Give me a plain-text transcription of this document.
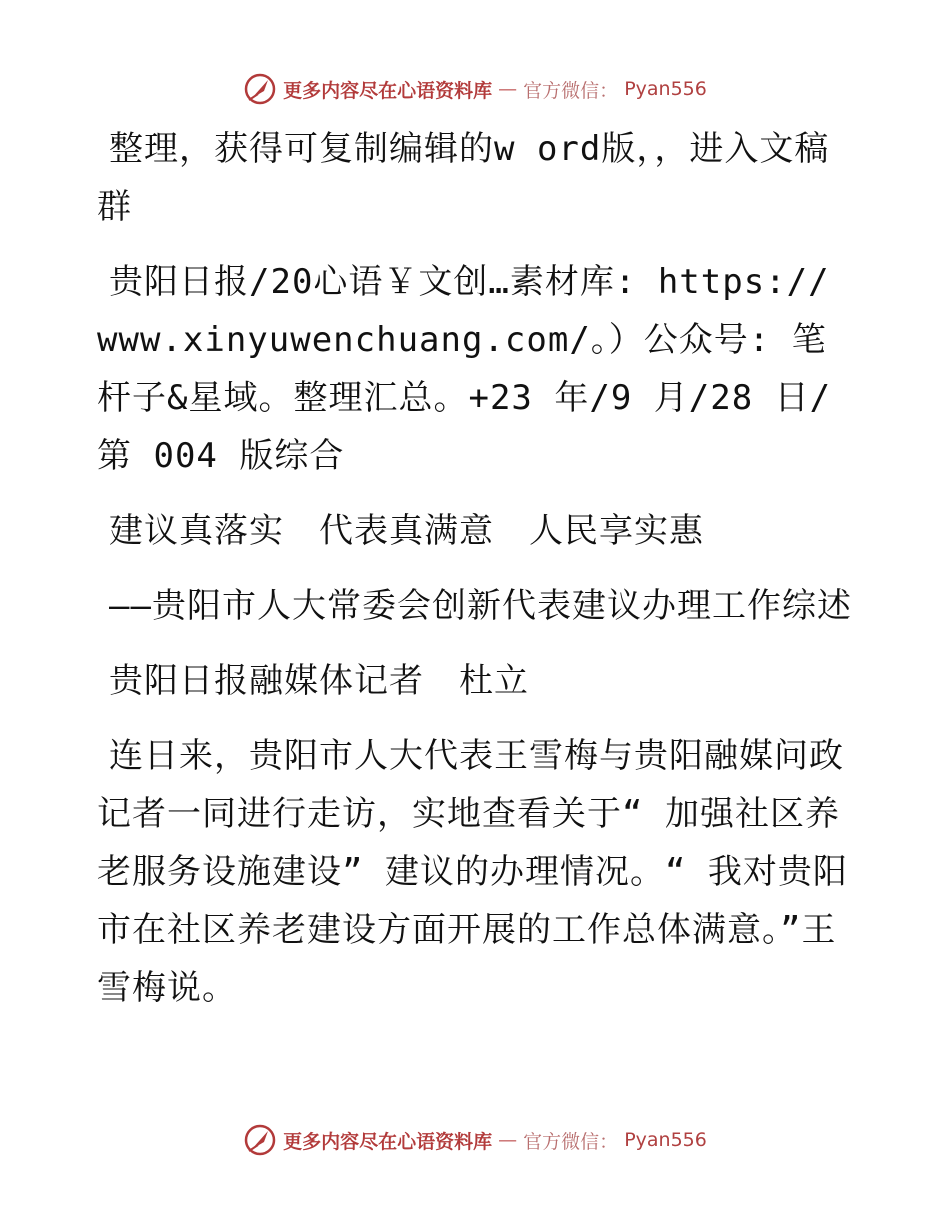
更多内容尽在心语资料库 — 官方微信： Pyan556

整理，获得可复制编辑的w ord版，，进入文稿群

贵阳日报/20心语￥文创…素材库: https:// www.xinyuwenchuang.com/。）公众号: 笔杆子&星域。整理汇总。+23 年/9 月/28 日/第 004 版综合

建议真落实　代表真满意　人民享实惠

——贵阳市人大常委会创新代表建议办理工作综述

贵阳日报融媒体记者　杜立

连日来，贵阳市人大代表王雪梅与贵阳融媒问政记者一同进行走访，实地查看关于“ 加强社区养老服务设施建设” 建议的办理情况。“ 我对贵阳市在社区养老建设方面开展的工作总体满意。”王雪梅说。

更多内容尽在心语资料库 — 官方微信： Pyan556
